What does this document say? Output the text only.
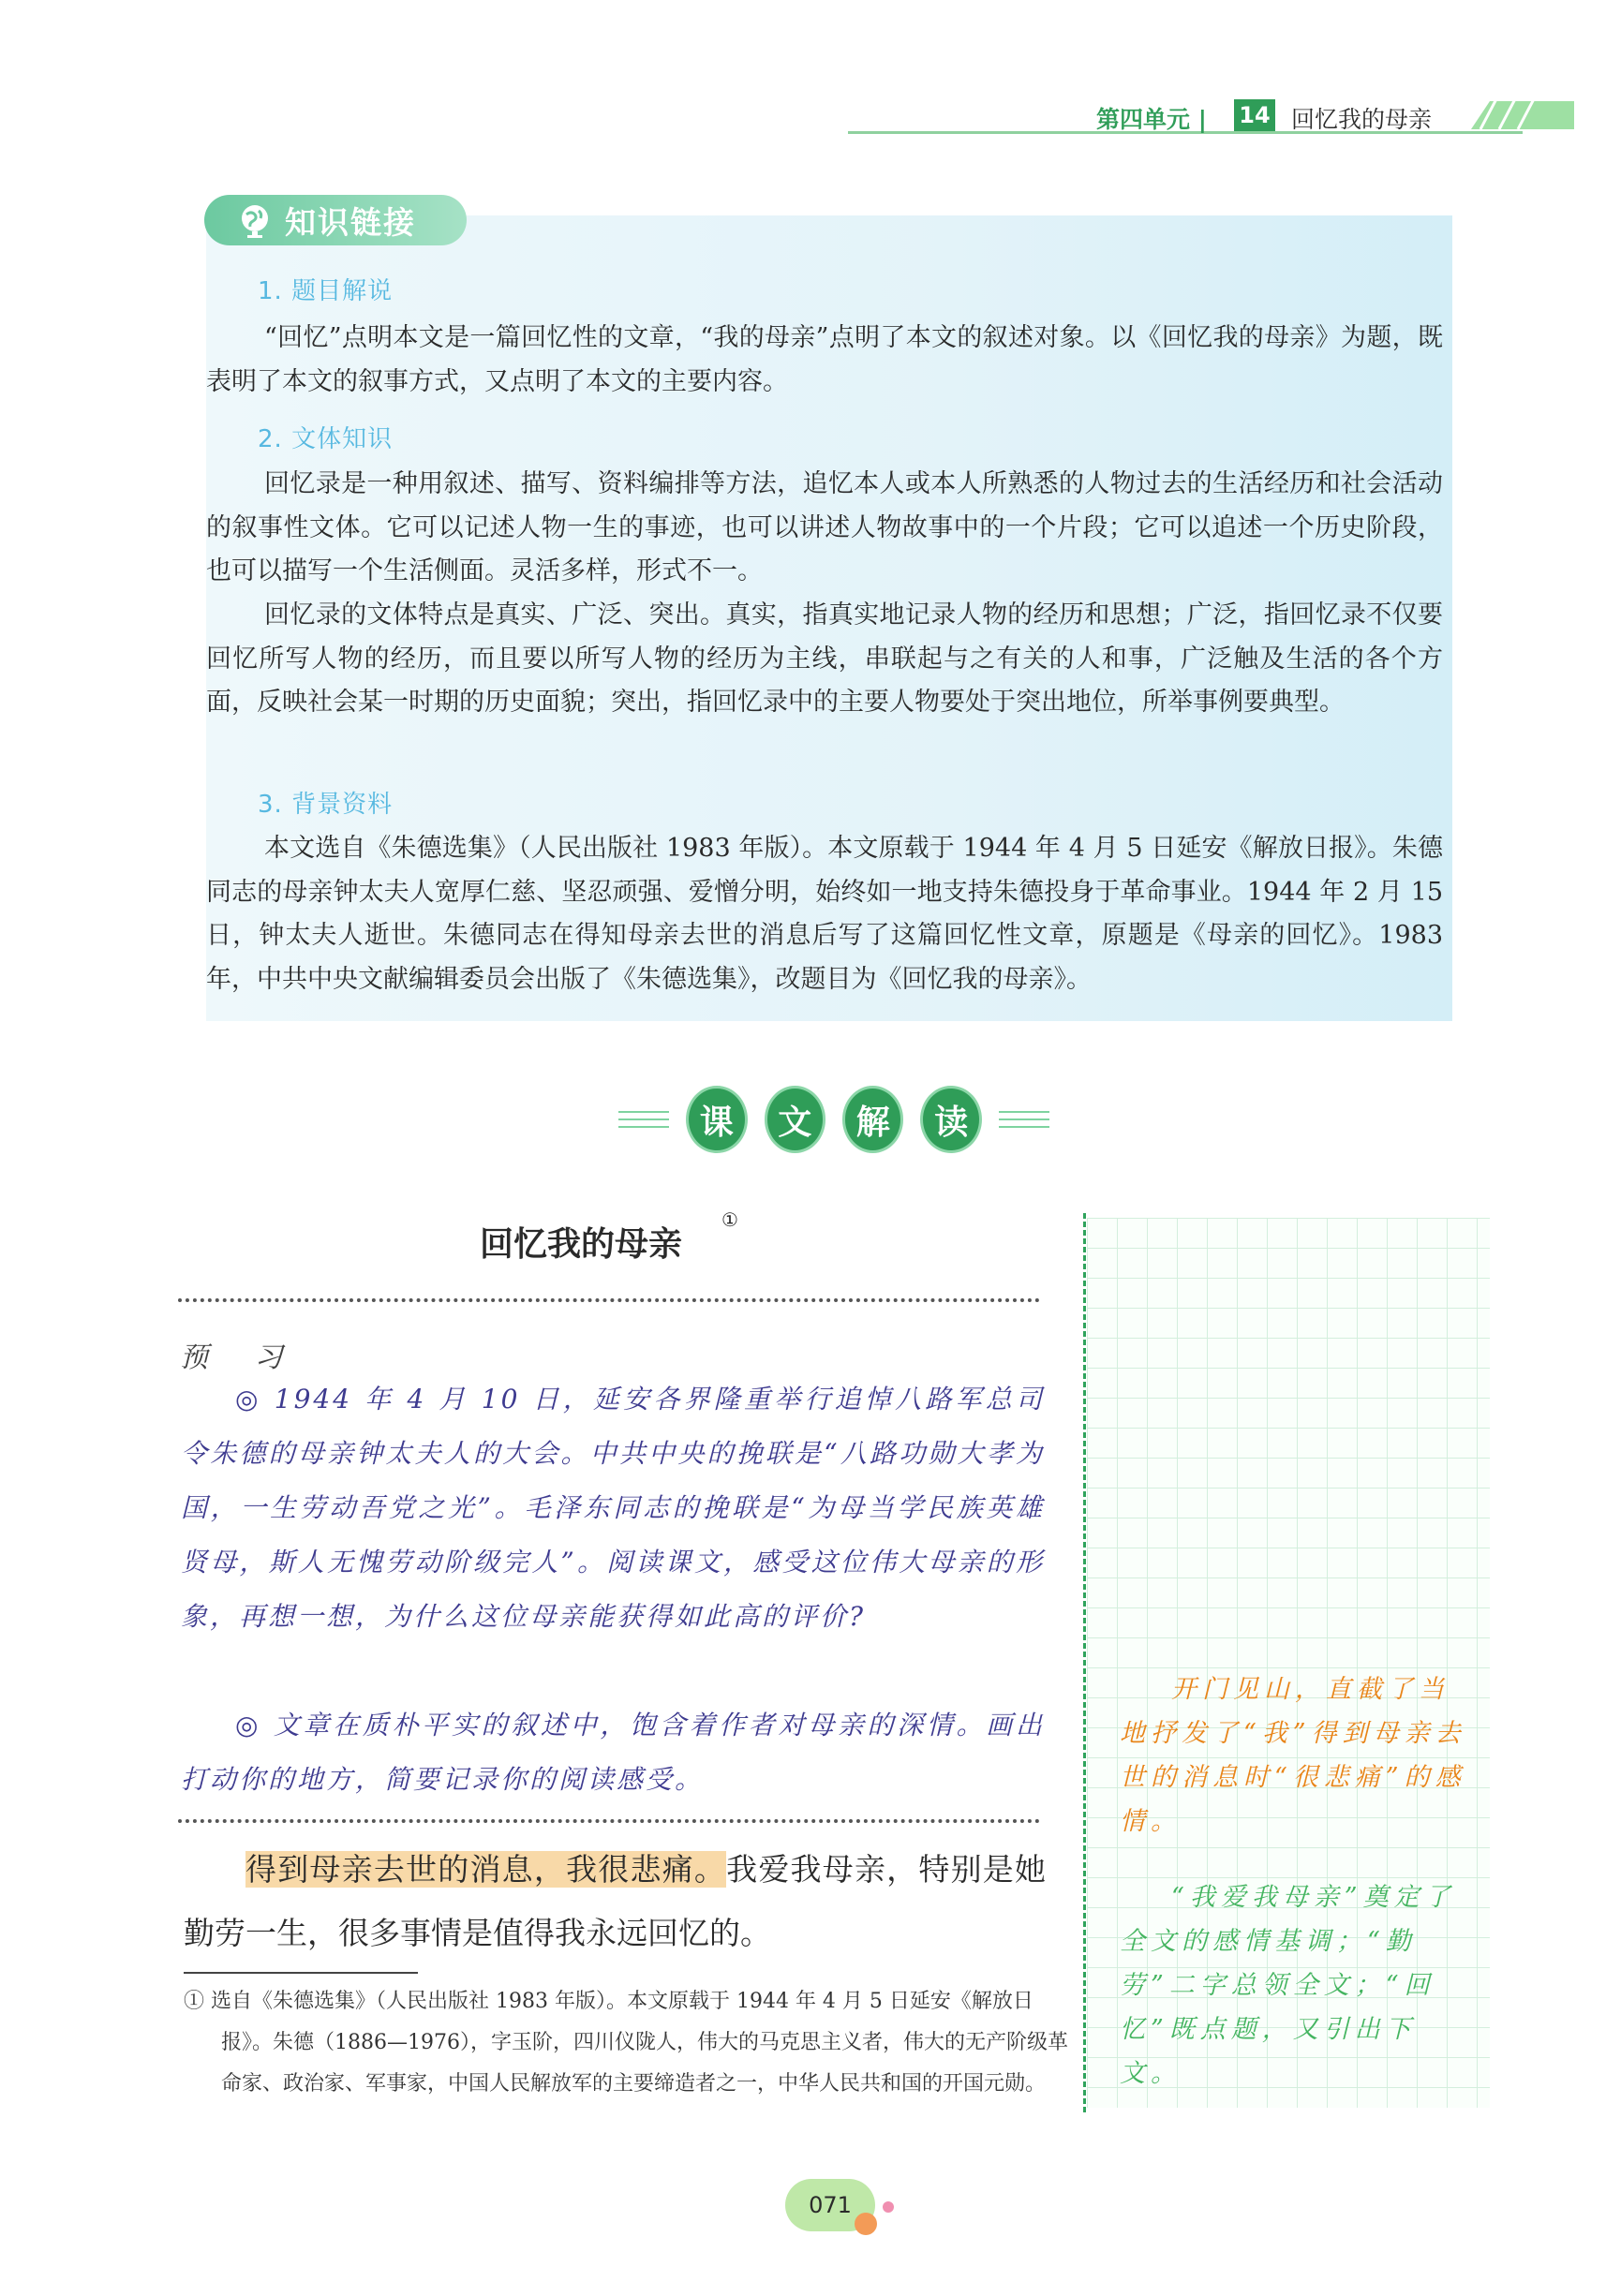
第四单元 | 14 回忆我的母亲
知识链接
1. 题目解说

“回忆”点明本文是一篇回忆性的文章，“我的母亲”点明了本文的叙述对象。以《回忆我的母亲》为题，既表明了本文的叙事方式，又点明了本文的主要内容。

2. 文体知识

回忆录是一种用叙述、描写、资料编排等方法，追忆本人或本人所熟悉的人物过去的生活经历和社会活动的叙事性文体。它可以记述人物一生的事迹，也可以讲述人物故事中的一个片段；它可以追述一个历史阶段，也可以描写一个生活侧面。灵活多样，形式不一。

回忆录的文体特点是真实、广泛、突出。真实，指真实地记录人物的经历和思想；广泛，指回忆录不仅要回忆所写人物的经历，而且要以所写人物的经历为主线，串联起与之有关的人和事，广泛触及生活的各个方面，反映社会某一时期的历史面貌；突出，指回忆录中的主要人物要处于突出地位，所举事例要典型。

3. 背景资料

本文选自《朱德选集》（人民出版社 1983 年版）。本文原载于 1944 年 4 月 5 日延安《解放日报》。朱德同志的母亲钟太夫人宽厚仁慈、坚忍顽强、爱憎分明，始终如一地支持朱德投身于革命事业。1944 年 2 月 15 日，钟太夫人逝世。朱德同志在得知母亲去世的消息后写了这篇回忆性文章，原题是《母亲的回忆》。1983 年，中共中央文献编辑委员会出版了《朱德选集》，改题目为《回忆我的母亲》。

课	文	解	读
回忆我的母亲
①
预 习

◎ 1944 年 4 月 10 日，延安各界隆重举行追悼八路军总司令朱德的母亲钟太夫人的大会。中共中央的挽联是“八路功勋大孝为国，一生劳动吾党之光”。毛泽东同志的挽联是“为母当学民族英雄贤母，斯人无愧劳动阶级完人”。阅读课文，感受这位伟大母亲的形象，再想一想，为什么这位母亲能获得如此高的评价?

◎ 文章在质朴平实的叙述中，饱含着作者对母亲的深情。画出打动你的地方，简要记录你的阅读感受。

得到母亲去世的消息，我很悲痛。我爱我母亲，特别是她勤劳一生，很多事情是值得我永远回忆的。

① 选自《朱德选集》（人民出版社 1983 年版）。本文原载于 1944 年 4 月 5 日延安《解放日报》。朱德（1886—1976），字玉阶，四川仪陇人，伟大的马克思主义者，伟大的无产阶级革命家、政治家、军事家，中国人民解放军的主要缔造者之一，中华人民共和国的开国元勋。

开门见山，直截了当地抒发了“我”得到母亲去世的消息时“很悲痛”的感情。

“我爱我母亲”奠定了全文的感情基调；“勤劳”二字总领全文；“回忆”既点题，又引出下文。

071
